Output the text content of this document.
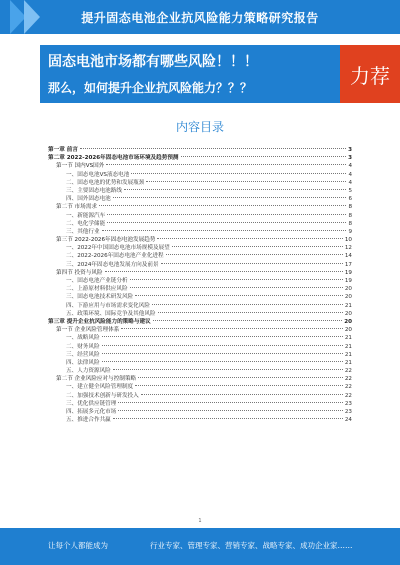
提升固态电池企业抗风险能力策略研究报告
固态电池市场都有哪些风险！！！
那么，如何提升企业抗风险能力？？？
力荐
内容目录
第一章 前言	3
第二章 2022-2026年固态电池市场环境及趋势预测	3
第一节 国内VS国外	4
一、固态电池VS液态电池	4
二、固态电池的优势和发展瓶颈	4
三、主要固态电池路线	5
四、国外固态电池	6
第二节 市场需求	8
一、新能源汽车	8
二、电化学储能	8
三、其他行业	9
第三节 2022-2026年固态电池发展趋势	10
一、2022年中国固态电池市场规模及展望	12
二、2022-2026年固态电池产业化进程	14
三、2024年固态电池发展方向及前景	17
第四节 投资与风险	19
一、固态电池产业链分析	19
二、上游原材料供应风险	20
三、固态电池技术研发风险	20
四、下游应用与市场需求变化风险	21
五、政策环境、国际竞争及其他风险	20
第三章 提升企业抗风险能力的策略与建议	20
第一节 企业风险管理体系	20
一、战略风险	21
二、财务风险	21
三、经营风险	21
四、法律风险	21
五、人力资源风险	22
第二节 企业风险应对与控制策略	22
一、建立健全风险管理制度	22
二、加强技术创新与研发投入	22
三、优化供应链管理	23
四、拓展多元化市场	23
五、推进合作共赢	24
1
让每个人都能成为	行业专家、管理专家、营销专家、战略专家、成功企业家……
